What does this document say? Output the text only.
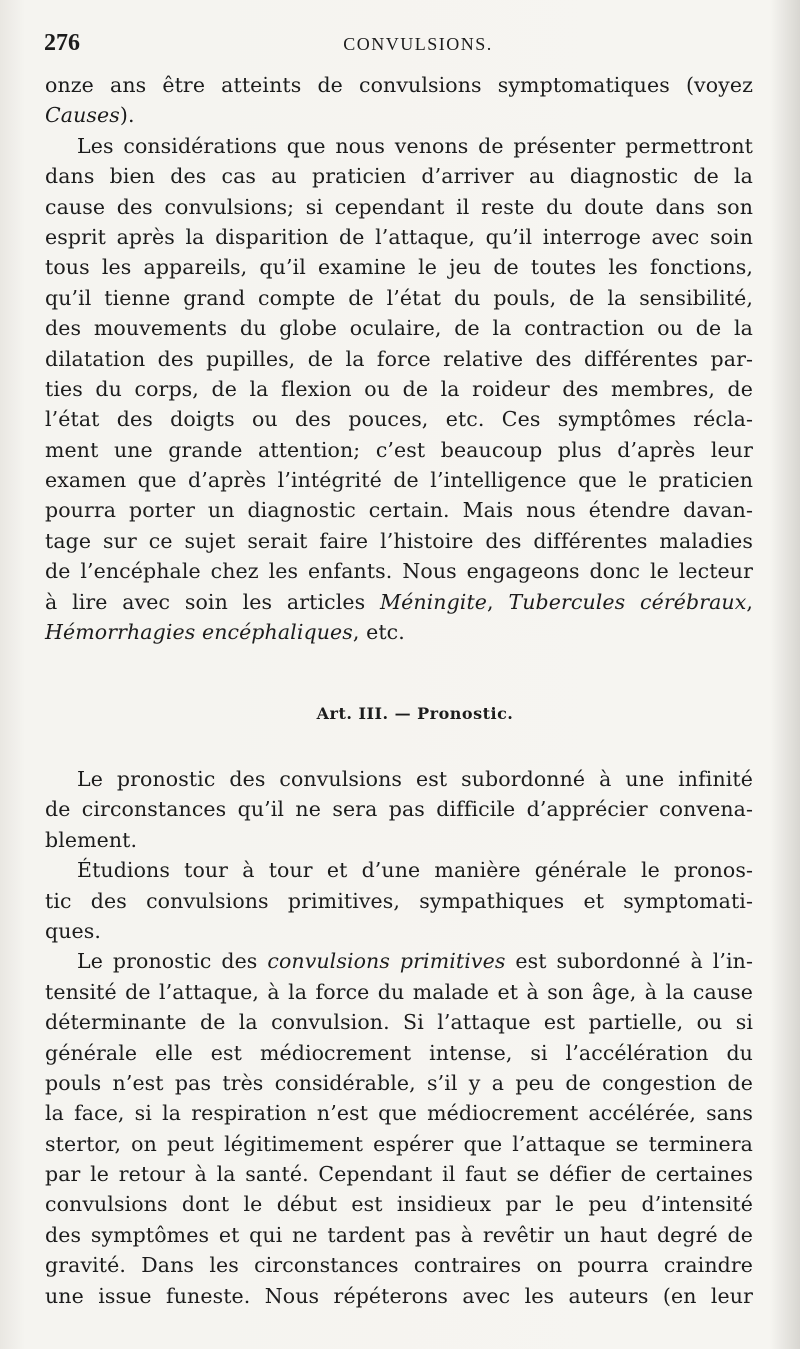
276	CONVULSIONS.
onze ans être atteints de convulsions symptomatiques (voyez
Causes).
Les considérations que nous venons de présenter permettront
dans bien des cas au praticien d’arriver au diagnostic de la
cause des convulsions; si cependant il reste du doute dans son
esprit après la disparition de l’attaque, qu’il interroge avec soin
tous les appareils, qu’il examine le jeu de toutes les fonctions,
qu’il tienne grand compte de l’état du pouls, de la sensibilité,
des mouvements du globe oculaire, de la contraction ou de la
dilatation des pupilles, de la force relative des différentes par-
ties du corps, de la flexion ou de la roideur des membres, de
l’état des doigts ou des pouces, etc. Ces symptômes récla-
ment une grande attention; c’est beaucoup plus d’après leur
examen que d’après l’intégrité de l’intelligence que le praticien
pourra porter un diagnostic certain. Mais nous étendre davan-
tage sur ce sujet serait faire l’histoire des différentes maladies
de l’encéphale chez les enfants. Nous engageons donc le lecteur
à lire avec soin les articles Méningite, Tubercules cérébraux,
Hémorrhagies encéphaliques, etc.
Art. III. — Pronostic.
Le pronostic des convulsions est subordonné à une infinité
de circonstances qu’il ne sera pas difficile d’apprécier convena-
blement.
Étudions tour à tour et d’une manière générale le pronos-
tic des convulsions primitives, sympathiques et symptomati-
ques.
Le pronostic des convulsions primitives est subordonné à l’in-
tensité de l’attaque, à la force du malade et à son âge, à la cause
déterminante de la convulsion. Si l’attaque est partielle, ou si
générale elle est médiocrement intense, si l’accélération du
pouls n’est pas très considérable, s’il y a peu de congestion de
la face, si la respiration n’est que médiocrement accélérée, sans
stertor, on peut légitimement espérer que l’attaque se terminera
par le retour à la santé. Cependant il faut se défier de certaines
convulsions dont le début est insidieux par le peu d’intensité
des symptômes et qui ne tardent pas à revêtir un haut degré de
gravité. Dans les circonstances contraires on pourra craindre
une issue funeste. Nous répéterons avec les auteurs (en leur
